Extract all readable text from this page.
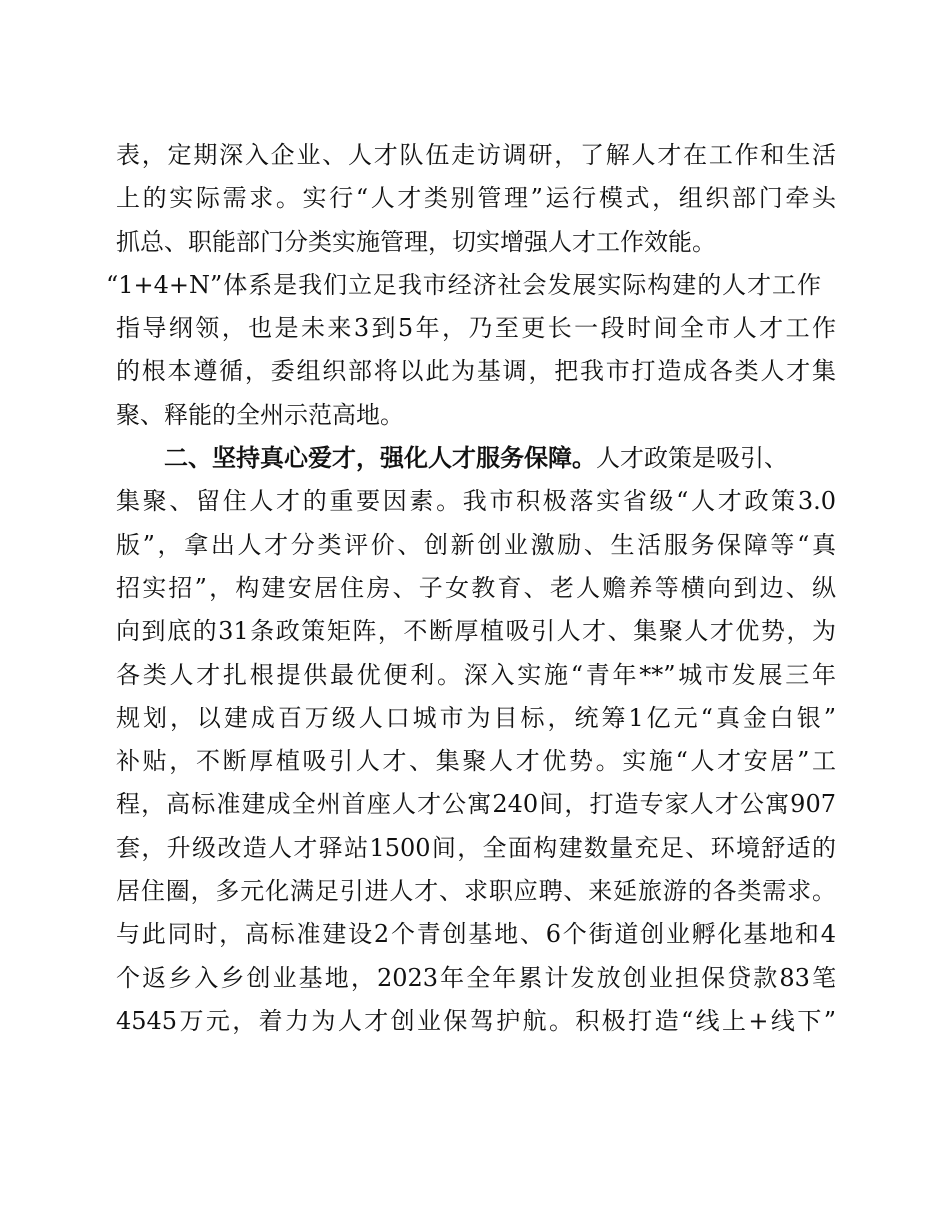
表，定期深入企业、人才队伍走访调研，了解人才在工作和生活
上的实际需求。实行“人才类别管理”运行模式，组织部门牵头
抓总、职能部门分类实施管理，切实增强人才工作效能。
“1+4+N”体系是我们立足我市经济社会发展实际构建的人才工作
指导纲领，也是未来3到5年，乃至更长一段时间全市人才工作
的根本遵循，委组织部将以此为基调，把我市打造成各类人才集
聚、释能的全州示范高地。
二、坚持真心爱才，强化人才服务保障。人才政策是吸引、
集聚、留住人才的重要因素。我市积极落实省级“人才政策3.0
版”，拿出人才分类评价、创新创业激励、生活服务保障等“真
招实招”，构建安居住房、子女教育、老人赡养等横向到边、纵
向到底的31条政策矩阵，不断厚植吸引人才、集聚人才优势，为
各类人才扎根提供最优便利。深入实施“青年**”城市发展三年
规划，以建成百万级人口城市为目标，统筹1亿元“真金白银”
补贴，不断厚植吸引人才、集聚人才优势。实施“人才安居”工
程，高标准建成全州首座人才公寓240间，打造专家人才公寓907
套，升级改造人才驿站1500间，全面构建数量充足、环境舒适的
居住圈，多元化满足引进人才、求职应聘、来延旅游的各类需求。
与此同时，高标准建设2个青创基地、6个街道创业孵化基地和4
个返乡入乡创业基地，2023年全年累计发放创业担保贷款83笔
4545万元，着力为人才创业保驾护航。积极打造“线上+线下”
